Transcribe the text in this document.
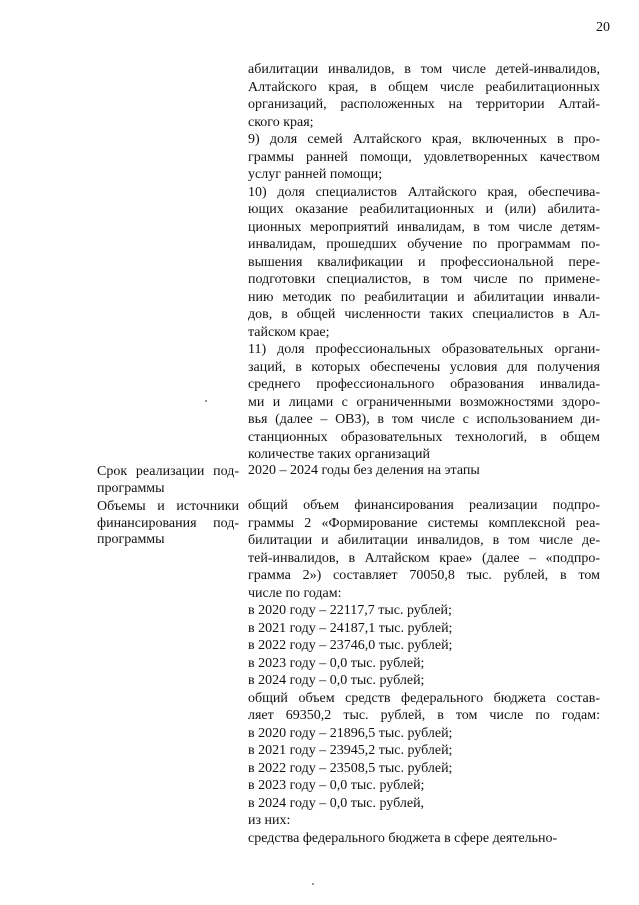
20
абилитации инвалидов, в том числе детей-инвалидов,
Алтайского края, в общем числе реабилитационных
организаций, расположенных на территории Алтай-
ского края;
9) доля семей Алтайского края, включенных в про-
граммы ранней помощи, удовлетворенных качеством
услуг ранней помощи;
10) доля специалистов Алтайского края, обеспечива-
ющих оказание реабилитационных и (или) абилита-
ционных мероприятий инвалидам, в том числе детям-
инвалидам, прошедших обучение по программам по-
вышения квалификации и профессиональной пере-
подготовки специалистов, в том числе по примене-
нию методик по реабилитации и абилитации инвали-
дов, в общей численности таких специалистов в Ал-
тайском крае;
11) доля профессиональных образовательных органи-
заций, в которых обеспечены условия для получения
среднего профессионального образования инвалида-
ми и лицами с ограниченными возможностями здоро-
вья (далее – ОВЗ), в том числе с использованием ди-
станционных образовательных технологий, в общем
количестве таких организаций
Срок реализации под-
программы
2020 – 2024 годы без деления на этапы
Объемы и источники
финансирования под-
программы
общий объем финансирования реализации подпро-
граммы 2 «Формирование системы комплексной реа-
билитации и абилитации инвалидов, в том числе де-
тей-инвалидов, в Алтайском крае» (далее – «подпро-
грамма 2») составляет 70050,8 тыс. рублей, в том
числе по годам:
в 2020 году – 22117,7 тыс. рублей;
в 2021 году – 24187,1 тыс. рублей;
в 2022 году – 23746,0 тыс. рублей;
в 2023 году – 0,0 тыс. рублей;
в 2024 году – 0,0 тыс. рублей;
общий объем средств федерального бюджета состав-
ляет 69350,2 тыс. рублей, в том числе по годам:
в 2020 году – 21896,5 тыс. рублей;
в 2021 году – 23945,2 тыс. рублей;
в 2022 году – 23508,5 тыс. рублей;
в 2023 году – 0,0 тыс. рублей;
в 2024 году – 0,0 тыс. рублей,
из них:
средства федерального бюджета в сфере деятельно-
